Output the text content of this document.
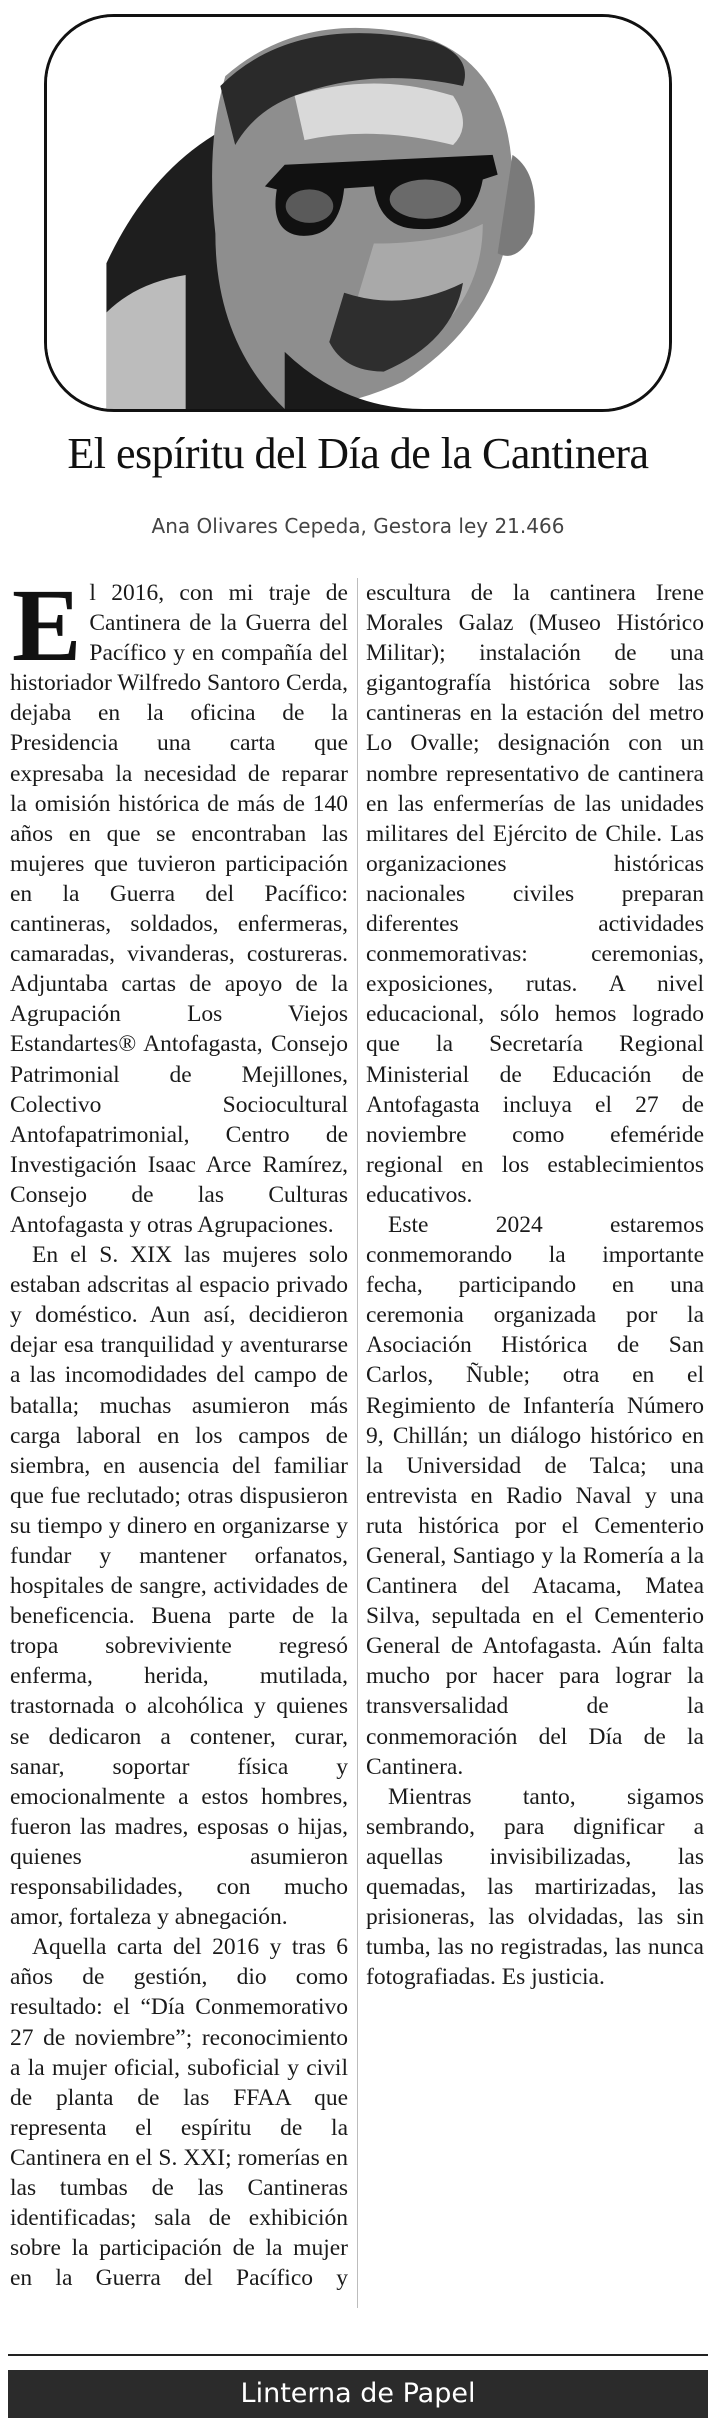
El espíritu del Día de la Cantinera
Ana Olivares Cepeda, Gestora ley 21.466

El 2016, con mi traje de Cantinera de la Guerra del Pacífico y en compañía del historiador Wilfredo Santoro Cerda, dejaba en la oficina de la Presidencia una carta que expresaba la necesidad de reparar la omisión histórica de más de 140 años en que se encontraban las mujeres que tuvieron participación en la Guerra del Pacífico: cantineras, soldados, enfermeras, camaradas, vivanderas, costureras. Adjuntaba cartas de apoyo de la Agrupación Los Viejos Estandartes® Antofagasta, Consejo Patrimonial de Mejillones, Colectivo Sociocultural Antofapatrimonial, Centro de Investigación Isaac Arce Ramírez, Consejo de las Culturas Antofagasta y otras Agrupaciones.

En el S. XIX las mujeres solo estaban adscritas al espacio privado y doméstico. Aun así, decidieron dejar esa tranquilidad y aventurarse a las incomodidades del campo de batalla; muchas asumieron más carga laboral en los campos de siembra, en ausencia del familiar que fue reclutado; otras dispusieron su tiempo y dinero en organizarse y fundar y mantener orfanatos, hospitales de sangre, actividades de beneficencia. Buena parte de la tropa sobreviviente regresó enferma, herida, mutilada, trastornada o alcohólica y quienes se dedicaron a contener, curar, sanar, soportar física y emocionalmente a estos hombres, fueron las madres, esposas o hijas, quienes asumieron responsabilidades, con mucho amor, fortaleza y abnegación.

Aquella carta del 2016 y tras 6 años de gestión, dio como resultado: el “Día Conmemorativo 27 de noviembre”; reconocimiento a la mujer oficial, suboficial y civil de planta de las FFAA que representa el espíritu de la Cantinera en el S. XXI; romerías en las tumbas de las Cantineras identificadas; sala de exhibición sobre la participación de la mujer en la Guerra del Pacífico y escultura de la cantinera Irene Morales Galaz (Museo Histórico Militar); instalación de una gigantografía histórica sobre las cantineras en la estación del metro Lo Ovalle; designación con un nombre representativo de cantinera en las enfermerías de las unidades militares del Ejército de Chile. Las organizaciones históricas nacionales civiles preparan diferentes actividades conmemorativas: ceremonias, exposiciones, rutas. A nivel educacional, sólo hemos logrado que la Secretaría Regional Ministerial de Educación de Antofagasta incluya el 27 de noviembre como efeméride regional en los establecimientos educativos.

Este 2024 estaremos conmemorando la importante fecha, participando en una ceremonia organizada por la Asociación Histórica de San Carlos, Ñuble; otra en el Regimiento de Infantería Número 9, Chillán; un diálogo histórico en la Universidad de Talca; una entrevista en Radio Naval y una ruta histórica por el Cementerio General, Santiago y la Romería a la Cantinera del Atacama, Matea Silva, sepultada en el Cementerio General de Antofagasta. Aún falta mucho por hacer para lograr la transversalidad de la conmemoración del Día de la Cantinera.

Mientras tanto, sigamos sembrando, para dignificar a aquellas invisibilizadas, las quemadas, las martirizadas, las prisioneras, las olvidadas, las sin tumba, las no registradas, las nunca fotografiadas. Es justicia.

Linterna de Papel
